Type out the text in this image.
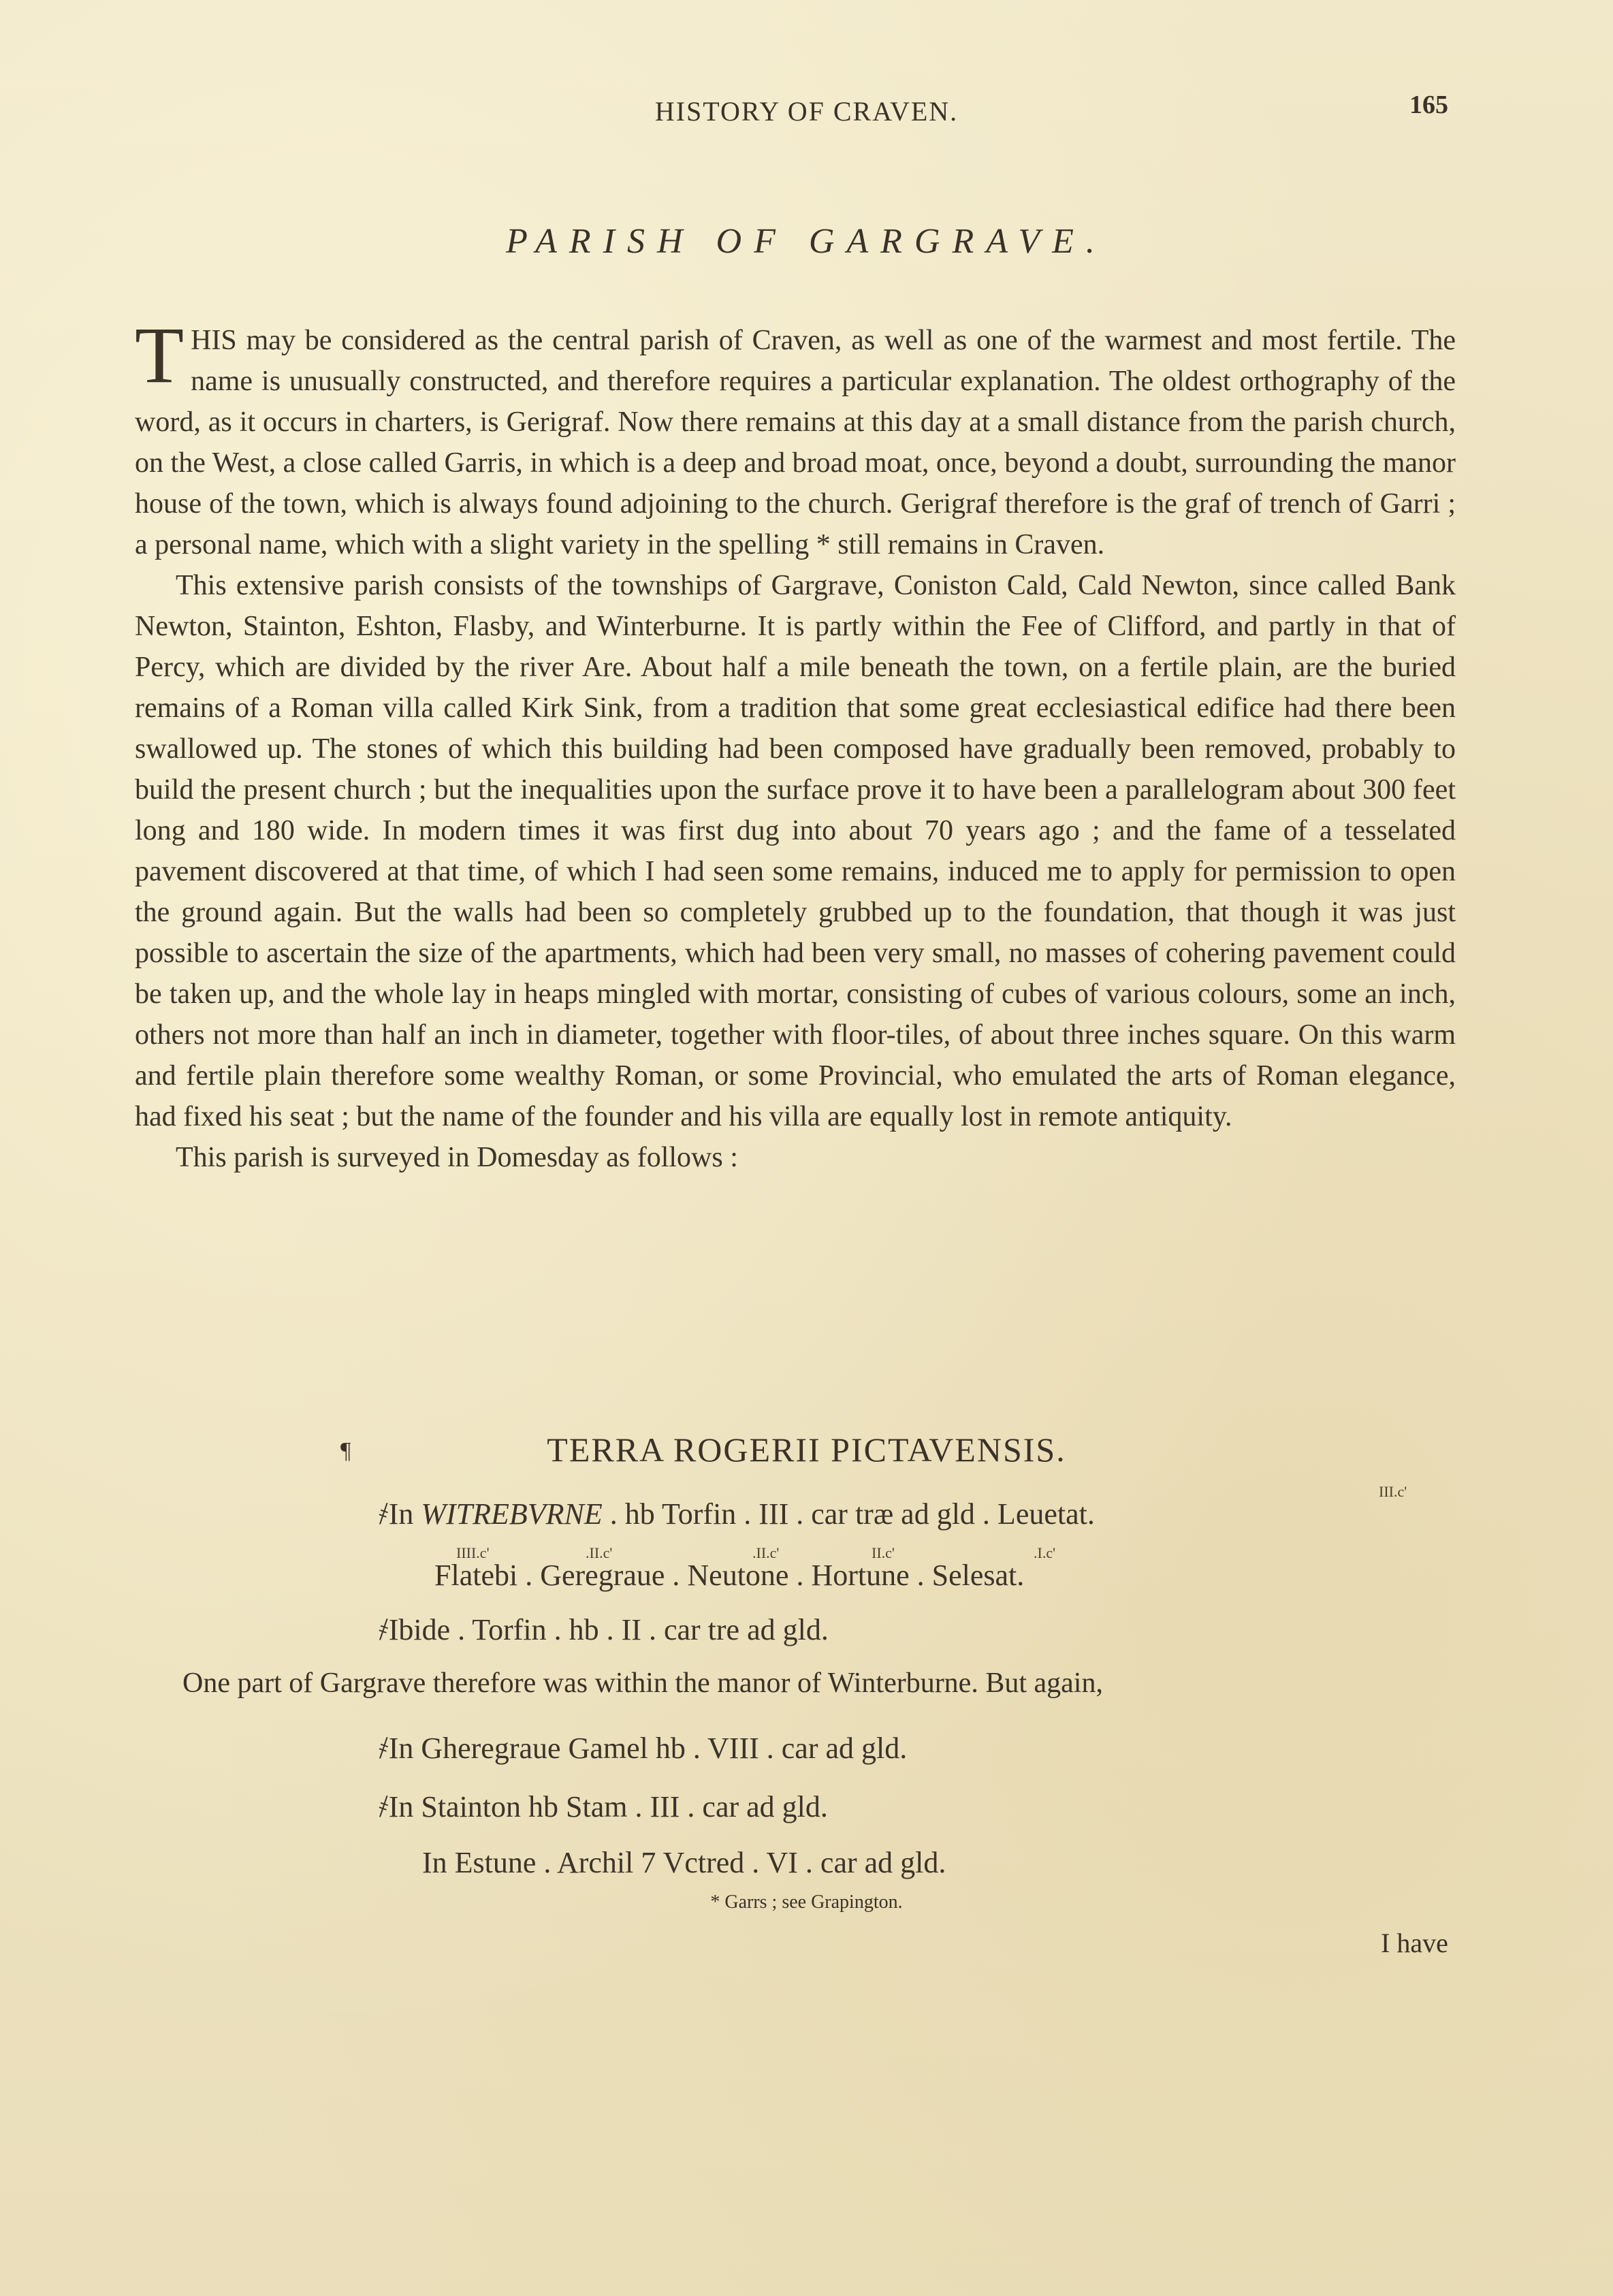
HISTORY OF CRAVEN.	165
PARISH OF GARGRAVE.

THIS may be considered as the central parish of Craven, as well as one of the warmest and most fertile. The name is unusually constructed, and therefore requires a particular explanation. The oldest orthography of the word, as it occurs in charters, is Gerigraf. Now there remains at this day at a small distance from the parish church, on the West, a close called Garris, in which is a deep and broad moat, once, beyond a doubt, surrounding the manor house of the town, which is always found adjoining to the church. Gerigraf therefore is the graf of trench of Garri ; a personal name, which with a slight variety in the spelling * still remains in Craven.

This extensive parish consists of the townships of Gargrave, Coniston Cald, Cald Newton, since called Bank Newton, Stainton, Eshton, Flasby, and Winterburne. It is partly within the Fee of Clifford, and partly in that of Percy, which are divided by the river Are. About half a mile beneath the town, on a fertile plain, are the buried remains of a Roman villa called Kirk Sink, from a tradition that some great ecclesiastical edifice had there been swallowed up. The stones of which this building had been composed have gradually been removed, probably to build the present church ; but the inequalities upon the surface prove it to have been a parallelogram about 300 feet long and 180 wide. In modern times it was first dug into about 70 years ago ; and the fame of a tesselated pavement discovered at that time, of which I had seen some remains, induced me to apply for permission to open the ground again. But the walls had been so completely grubbed up to the foundation, that though it was just possible to ascertain the size of the apartments, which had been very small, no masses of cohering pavement could be taken up, and the whole lay in heaps mingled with mortar, consisting of cubes of various colours, some an inch, others not more than half an inch in diameter, together with floor-tiles, of about three inches square. On this warm and fertile plain therefore some wealthy Roman, or some Provincial, who emulated the arts of Roman elegance, had fixed his seat ; but the name of the founder and his villa are equally lost in remote antiquity.

This parish is surveyed in Domesday as follows :

¶	TERRA ROGERII PICTAVENSIS.
III.c'
҂In WITREBVRNE . hb Torfin . III . car træ ad gld . Leuetat.
IIII.c'	.II.c'	.II.c'	II.c'	.I.c'
Flatebi . Geregraue . Neutone . Hortune . Selesat.
҂Ibide . Torfin . hb . II . car tre ad gld.
One part of Gargrave therefore was within the manor of Winterburne. But again,
҂In Gheregraue Gamel hb . VIII . car ad gld.
҂In Stainton hb Stam . III . car ad gld.
In Estune . Archil 7 Vctred . VI . car ad gld.
* Garrs ; see Grapington.
I have
